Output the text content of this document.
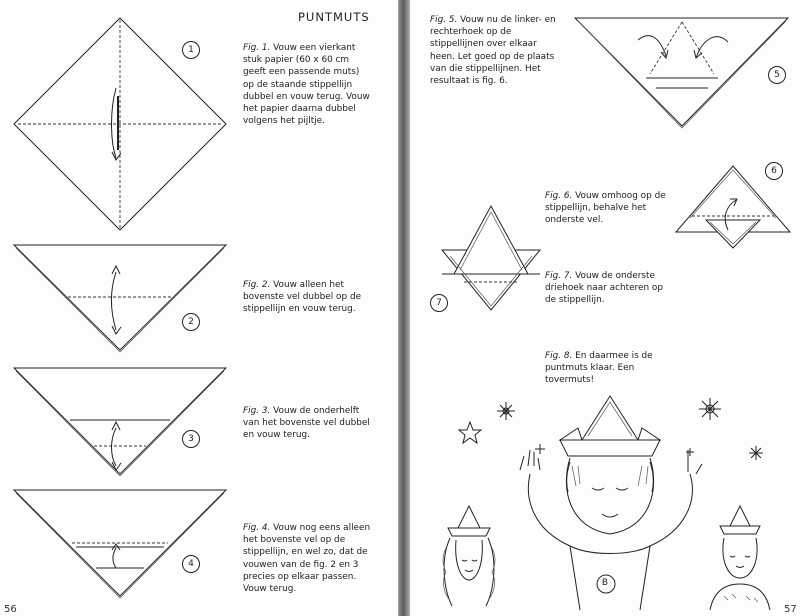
PUNTMUTS
1	Fig. 1. Vouw een vierkant stuk papier (60 x 60 cm geeft een passende muts) op de staande stippellijn dubbel en vouw terug. Vouw het papier daarna dubbel volgens het pijltje.
2
Fig. 2. Vouw alleen het bovenste vel dubbel op de stippellijn en vouw terug.
3
Fig. 3. Vouw de onderhelft van het bovenste vel dubbel en vouw terug.
4
Fig. 4. Vouw nog eens alleen het bovenste vel op de stippellijn, en wel zo, dat de vouwen van de fig. 2 en 3 precies op elkaar passen. Vouw terug.
56
Fig. 5. Vouw nu de linker- en rechterhoek op de stippellijnen over elkaar heen. Let goed op de plaats van die stippellijnen. Het resultaat is fig. 6.
5
6
Fig. 6. Vouw omhoog op de stippellijn, behalve het onderste vel.
7
Fig. 7. Vouw de onderste driehoek naar achteren op de stippellijn.
Fig. 8. En daarmee is de puntmuts klaar. Een tovermuts!
B
57
